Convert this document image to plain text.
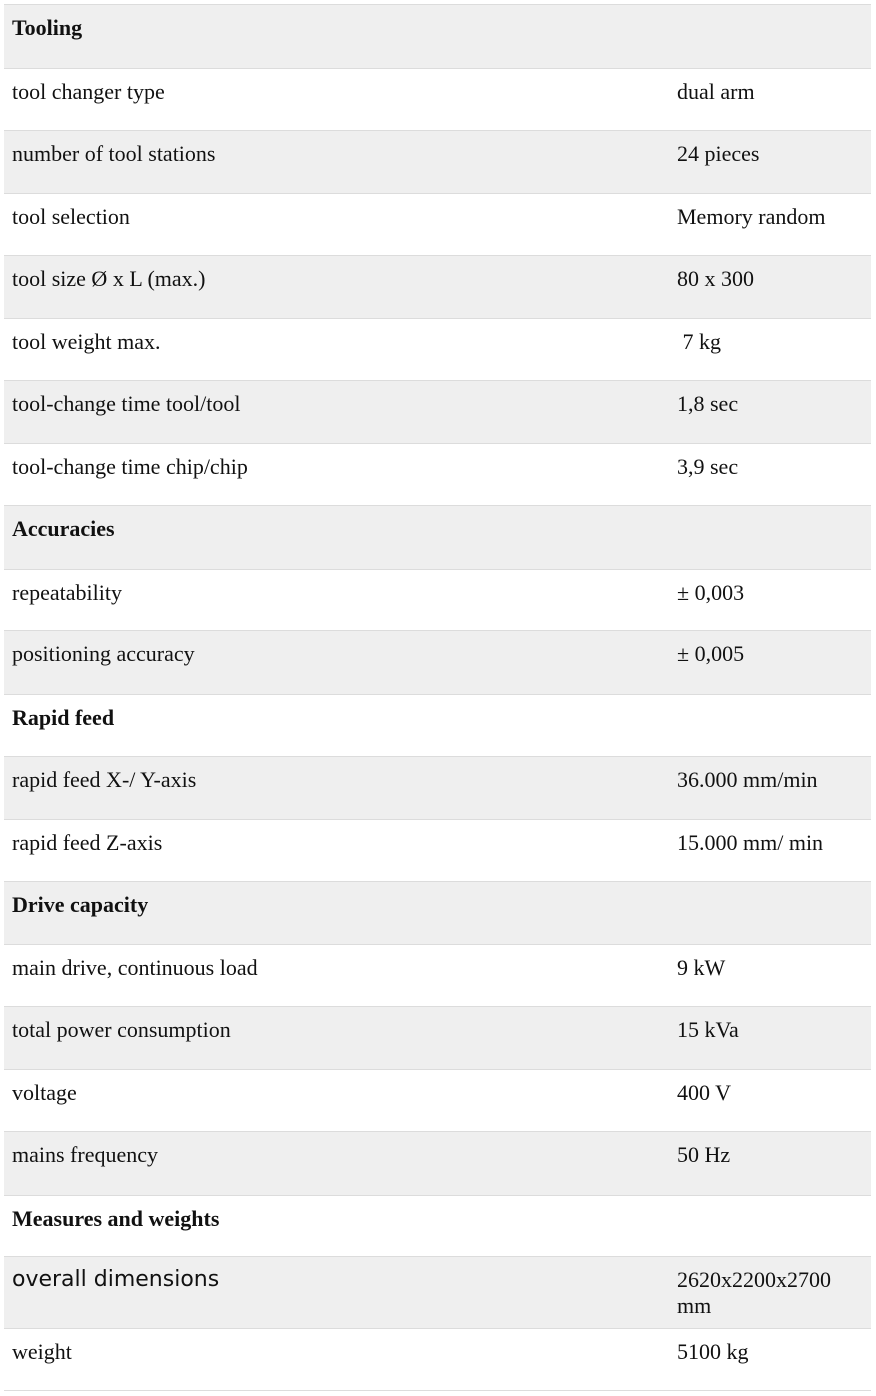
Tooling	
tool changer type	dual arm
number of tool stations	24 pieces
tool selection	Memory random
tool size Ø x L (max.)	80 x 300
tool weight max.	7 kg
tool-change time tool/tool	1,8 sec
tool-change time chip/chip	3,9 sec
Accuracies	
repeatability	± 0,003
positioning accuracy	± 0,005
Rapid feed	
rapid feed X-/ Y-axis	36.000 mm/min
rapid feed Z-axis	15.000 mm/ min
Drive capacity	
main drive, continuous load	9 kW
total power consumption	15 kVa
voltage	400 V
mains frequency	50 Hz
Measures and weights	
overall dimensions	2620x2200x2700 mm
weight	5100 kg
